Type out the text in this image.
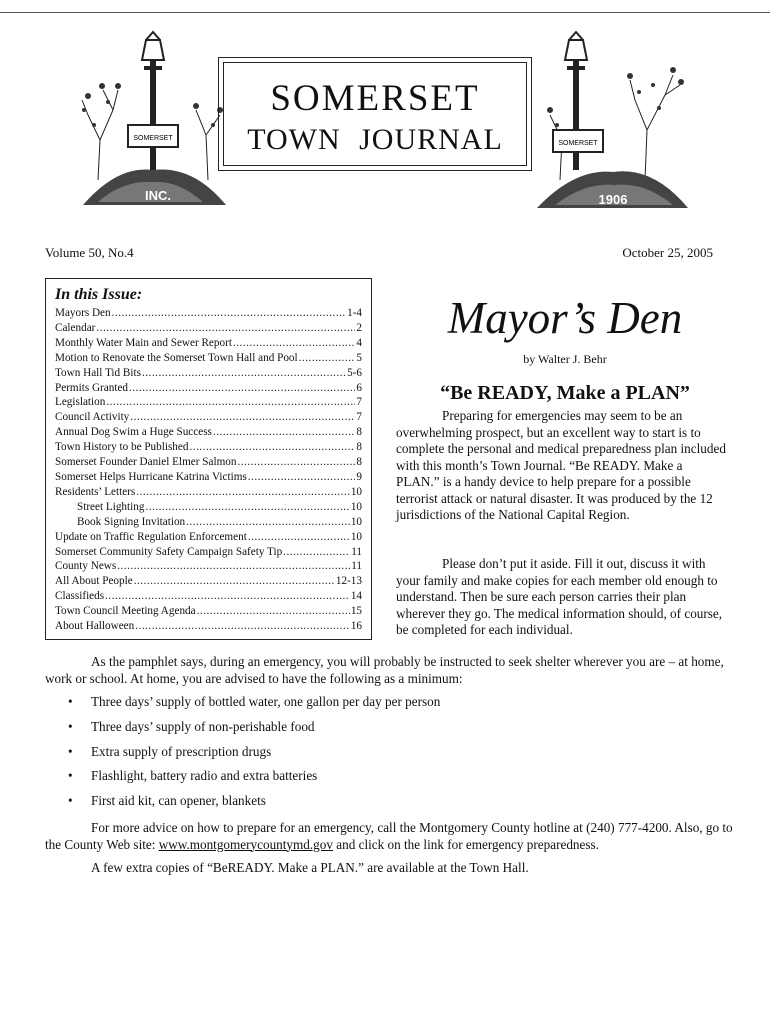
SOMERSET
INC.
SOMERSET
TOWN JOURNAL	SOMERSET
1906
Volume 50, No.4	October 25, 2005
In this Issue:
Mayors Den .....	1-4
Calendar .....	2
Monthly Water Main and Sewer Report .....	4
Motion to Renovate the Somerset Town Hall and Pool .....	5
Town Hall Tid Bits .....	5-6
Permits Granted .....	6
Legislation .....	7
Council Activity .....	7
Annual Dog Swim a Huge Success .....	8
Town History to be Published .....	8
Somerset Founder Daniel Elmer Salmon .....	8
Somerset Helps Hurricane Katrina Victims .....	9
Residents’ Letters .....	10
Street Lighting .....	10
Book Signing Invitation .....	10
Update on Traffic Regulation Enforcement .....	10
Somerset Community Safety Campaign Safety Tip .....	11
County News .....	11
All About People .....	12-13
Classifieds .....	14
Town Council Meeting Agenda .....	15
About Halloween .....	16
Mayor’s Den
by Walter J. Behr
“Be READY, Make a PLAN”

Preparing for emergencies may seem to be an overwhelming prospect, but an excellent way to start is to complete the personal and medical preparedness plan included with this month’s Town Journal. “Be READY. Make a PLAN.” is a handy device to help prepare for a possible terrorist attack or natural disaster. It was produced by the 12 jurisdictions of the National Capital Region.

Please don’t put it aside. Fill it out, discuss it with your family and make copies for each member old enough to understand. Then be sure each person carries their plan wherever they go. The medical information should, of course, be completed for each individual.

As the pamphlet says, during an emergency, you will probably be instructed to seek shelter wherever you are – at home, work or school. At home, you are advised to have the following as a minimum:

•	Three days’ supply of bottled water, one gallon per day per person
•	Three days’ supply of non-perishable food
•	Extra supply of prescription drugs
•	Flashlight, battery radio and extra batteries
•	First aid kit, can opener, blankets

For more advice on how to prepare for an emergency, call the Montgomery County hotline at (240) 777-4200. Also, go to the County Web site: www.montgomerycountymd.gov and click on the link for emergency preparedness.

A few extra copies of “BeREADY. Make a PLAN.” are available at the Town Hall.
